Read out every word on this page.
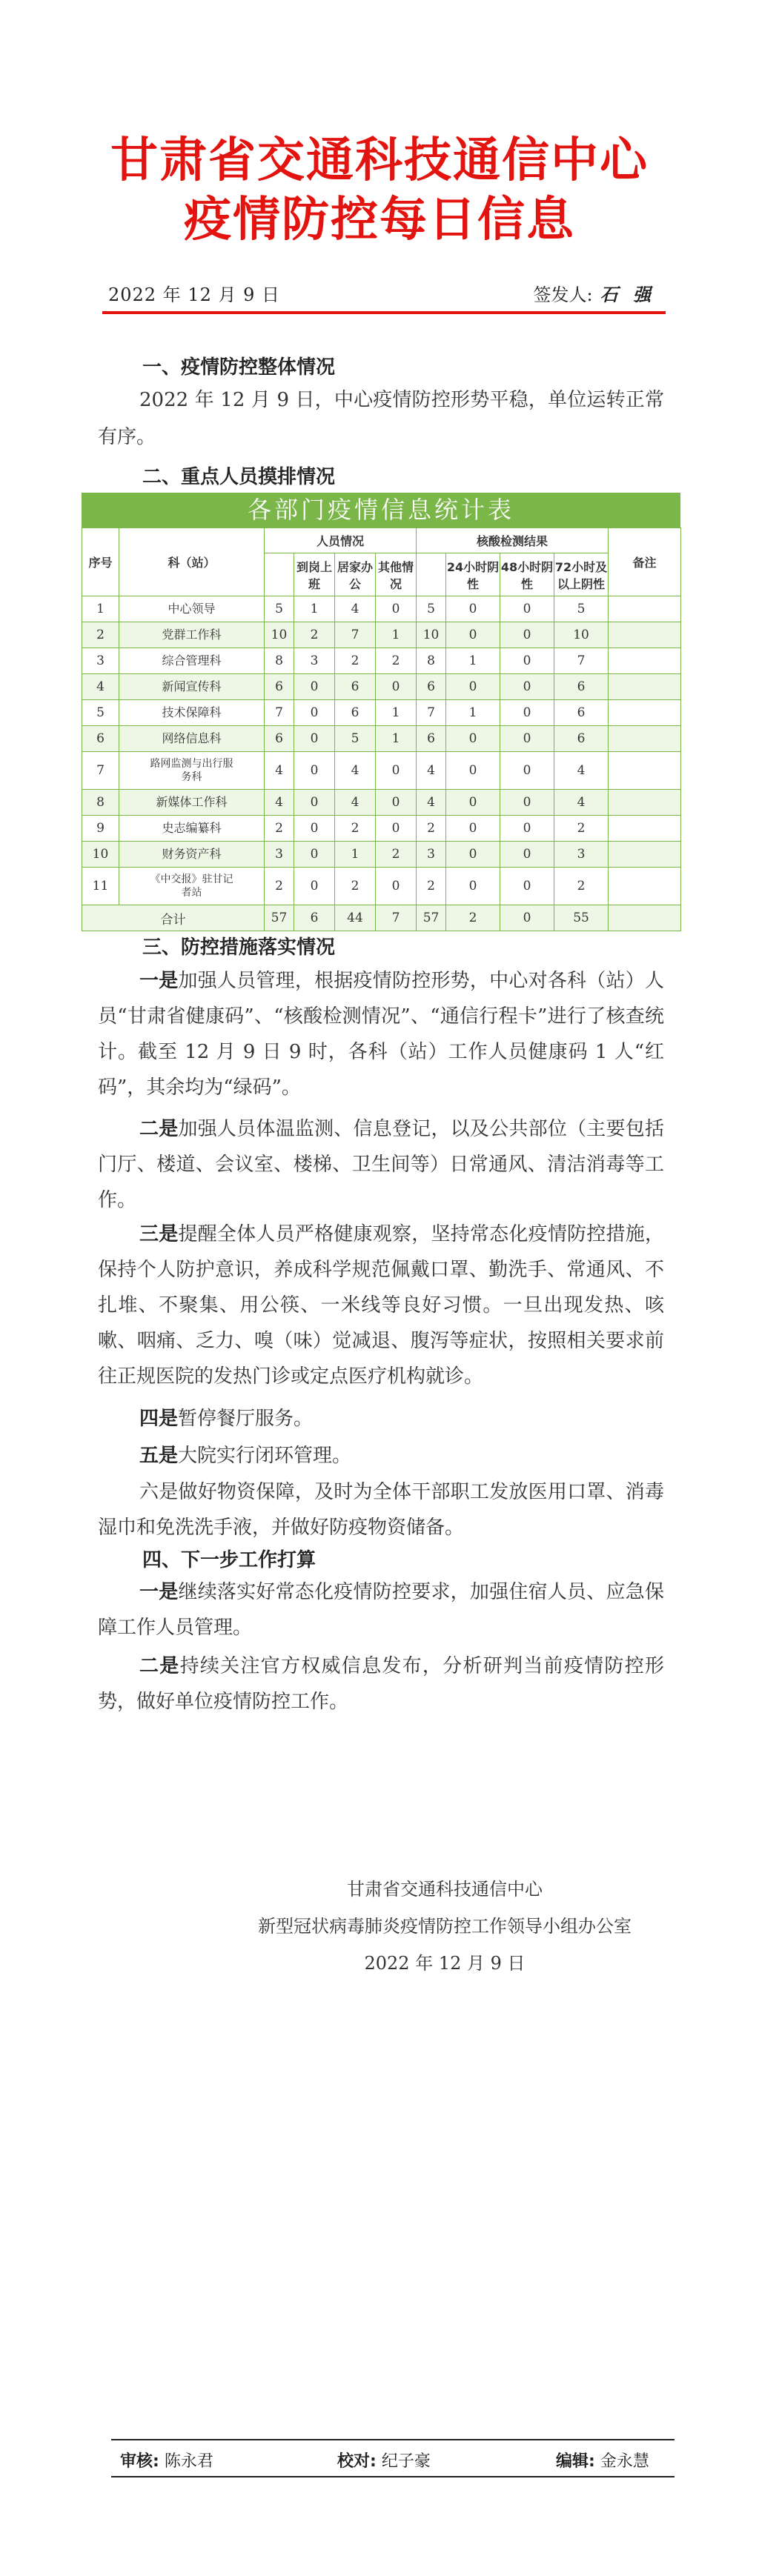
甘肃省交通科技通信中心
疫情防控每日信息
2022 年 12 月 9 日	签发人: 石 强
一、疫情防控整体情况
2022 年 12 月 9 日，中心疫情防控形势平稳，单位运转正常有序。
二、重点人员摸排情况
各部门疫情信息统计表
序号	科（站）	人员情况				核酸检测结果				备注
			到岗上班	居家办公	其他情况		24小时阴 性	48小时阴 性	72小时及以上阴性	
1	中心领导	5	1	4	0	5	0	0	5	
2	党群工作科	10	2	7	1	10	0	0	10	
3	综合管理科	8	3	2	2	8	1	0	7	
4	新闻宣传科	6	0	6	0	6	0	0	6	
5	技术保障科	7	0	6	1	7	1	0	6	
6	网络信息科	6	0	5	1	6	0	0	6	
7	路网监测与出行服务科	4	0	4	0	4	0	0	4	
8	新媒体工作科	4	0	4	0	4	0	0	4	
9	史志编纂科	2	0	2	0	2	0	0	2	
10	财务资产科	3	0	1	2	3	0	0	3	
11	《中交报》驻甘记者站	2	0	2	0	2	0	0	2	
合计		57	6	44	7	57	2	0	55	
三、防控措施落实情况
一是加强人员管理，根据疫情防控形势，中心对各科（站）人员“甘肃省健康码”、“核酸检测情况”、“通信行程卡”进行了核查统计。截至 12 月 9 日 9 时，各科（站）工作人员健康码 1 人“红码”，其余均为“绿码”。
二是加强人员体温监测、信息登记，以及公共部位（主要包括门厅、楼道、会议室、楼梯、卫生间等）日常通风、清洁消毒等工作。
三是提醒全体人员严格健康观察，坚持常态化疫情防控措施，保持个人防护意识，养成科学规范佩戴口罩、勤洗手、常通风、不扎堆、不聚集、用公筷、一米线等良好习惯。一旦出现发热、咳嗽、咽痛、乏力、嗅（味）觉减退、腹泻等症状，按照相关要求前往正规医院的发热门诊或定点医疗机构就诊。
四是暂停餐厅服务。
五是大院实行闭环管理。
六是做好物资保障，及时为全体干部职工发放医用口罩、消毒湿巾和免洗洗手液，并做好防疫物资储备。
四、下一步工作打算
一是继续落实好常态化疫情防控要求，加强住宿人员、应急保障工作人员管理。
二是持续关注官方权威信息发布，分析研判当前疫情防控形势，做好单位疫情防控工作。
甘肃省交通科技通信中心
新型冠状病毒肺炎疫情防控工作领导小组办公室
2022 年 12 月 9 日
审核: 陈永君	校对: 纪子豪	编辑: 金永慧
